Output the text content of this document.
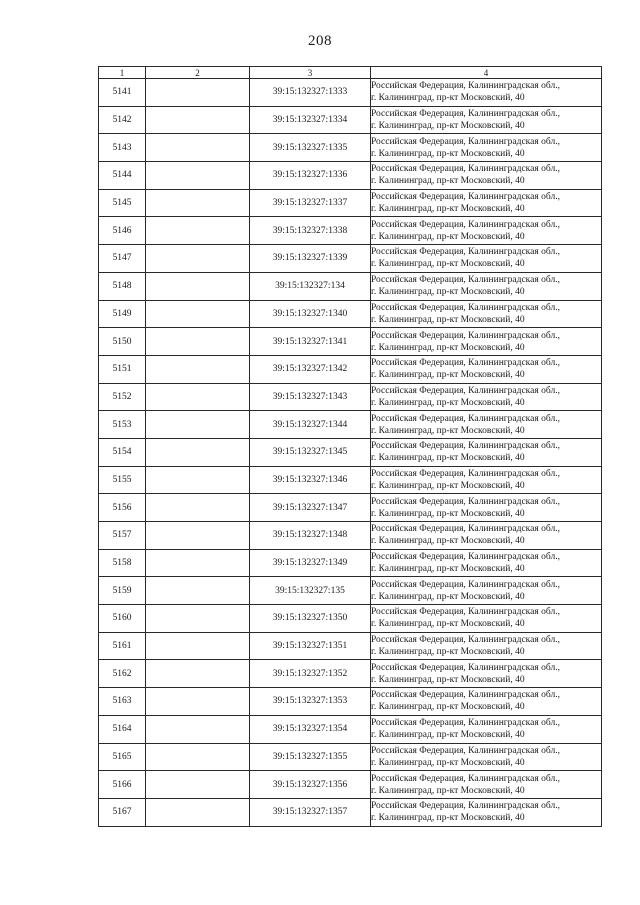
208
1	2	3	4
5141		39:15:132327:1333	Российская Федерация, Калининградская обл.,
г. Калининград, пр-кт Московский, 40

5142		39:15:132327:1334	Российская Федерация, Калининградская обл.,
г. Калининград, пр-кт Московский, 40

5143		39:15:132327:1335	Российская Федерация, Калининградская обл.,
г. Калининград, пр-кт Московский, 40

5144		39:15:132327:1336	Российская Федерация, Калининградская обл.,
г. Калининград, пр-кт Московский, 40

5145		39:15:132327:1337	Российская Федерация, Калининградская обл.,
г. Калининград, пр-кт Московский, 40

5146		39:15:132327:1338	Российская Федерация, Калининградская обл.,
г. Калининград, пр-кт Московский, 40

5147		39:15:132327:1339	Российская Федерация, Калининградская обл.,
г. Калининград, пр-кт Московский, 40

5148		39:15:132327:134	Российская Федерация, Калининградская обл.,
г. Калининград, пр-кт Московский, 40

5149		39:15:132327:1340	Российская Федерация, Калининградская обл.,
г. Калининград, пр-кт Московский, 40

5150		39:15:132327:1341	Российская Федерация, Калининградская обл.,
г. Калининград, пр-кт Московский, 40

5151		39:15:132327:1342	Российская Федерация, Калининградская обл.,
г. Калининград, пр-кт Московский, 40

5152		39:15:132327:1343	Российская Федерация, Калининградская обл.,
г. Калининград, пр-кт Московский, 40

5153		39:15:132327:1344	Российская Федерация, Калининградская обл.,
г. Калининград, пр-кт Московский, 40

5154		39:15:132327:1345	Российская Федерация, Калининградская обл.,
г. Калининград, пр-кт Московский, 40

5155		39:15:132327:1346	Российская Федерация, Калининградская обл.,
г. Калининград, пр-кт Московский, 40

5156		39:15:132327:1347	Российская Федерация, Калининградская обл.,
г. Калининград, пр-кт Московский, 40

5157		39:15:132327:1348	Российская Федерация, Калининградская обл.,
г. Калининград, пр-кт Московский, 40

5158		39:15:132327:1349	Российская Федерация, Калининградская обл.,
г. Калининград, пр-кт Московский, 40

5159		39:15:132327:135	Российская Федерация, Калининградская обл.,
г. Калининград, пр-кт Московский, 40

5160		39:15:132327:1350	Российская Федерация, Калининградская обл.,
г. Калининград, пр-кт Московский, 40

5161		39:15:132327:1351	Российская Федерация, Калининградская обл.,
г. Калининград, пр-кт Московский, 40

5162		39:15:132327:1352	Российская Федерация, Калининградская обл.,
г. Калининград, пр-кт Московский, 40

5163		39:15:132327:1353	Российская Федерация, Калининградская обл.,
г. Калининград, пр-кт Московский, 40

5164		39:15:132327:1354	Российская Федерация, Калининградская обл.,
г. Калининград, пр-кт Московский, 40

5165		39:15:132327:1355	Российская Федерация, Калининградская обл.,
г. Калининград, пр-кт Московский, 40

5166		39:15:132327:1356	Российская Федерация, Калининградская обл.,
г. Калининград, пр-кт Московский, 40

5167		39:15:132327:1357	Российская Федерация, Калининградская обл.,
г. Калининград, пр-кт Московский, 40
